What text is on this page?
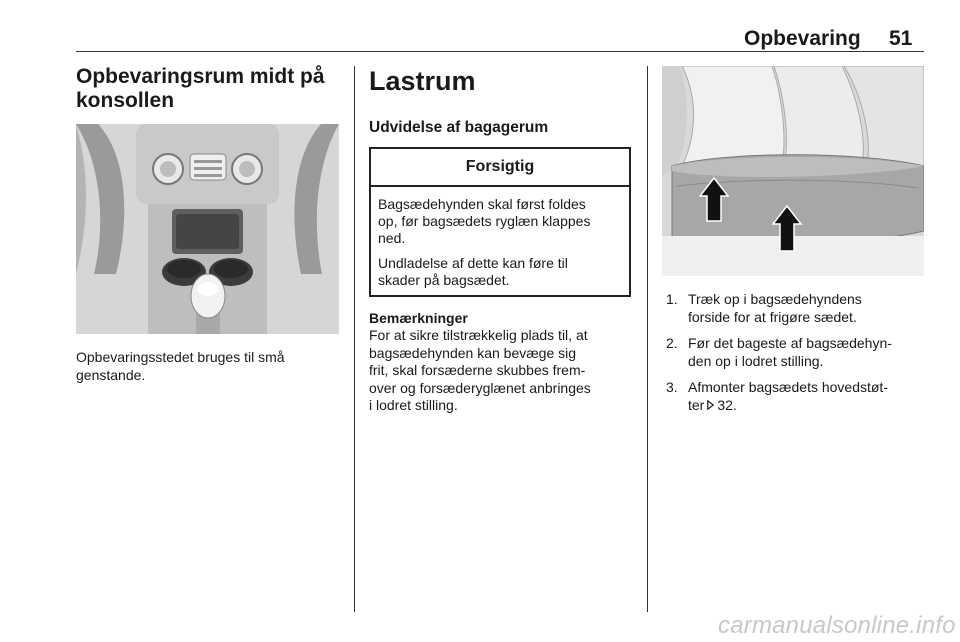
Opbevaring 51
Opbevaringsrum midt på
konsollen
Opbevaringsstedet bruges til små
genstande.
Lastrum
Udvidelse af bagagerum
Forsigtig

Bagsædehynden skal først foldes
op, før bagsædets ryglæn klappes
ned.

Undladelse af dette kan føre til
skader på bagsædet.

Bemærkninger
For at sikre tilstrækkelig plads til, at
bagsædehynden kan bevæge sig
frit, skal forsæderne skubbes frem-
over og forsæderyglænet anbringes
i lodret stilling.
1. Træk op i bagsædehyndens
forside for at frigøre sædet.
2. Før det bageste af bagsædehyn-
den op i lodret stilling.
3. Afmonter bagsædets hovedstøt-
ter 32.
carmanualsonline.info
